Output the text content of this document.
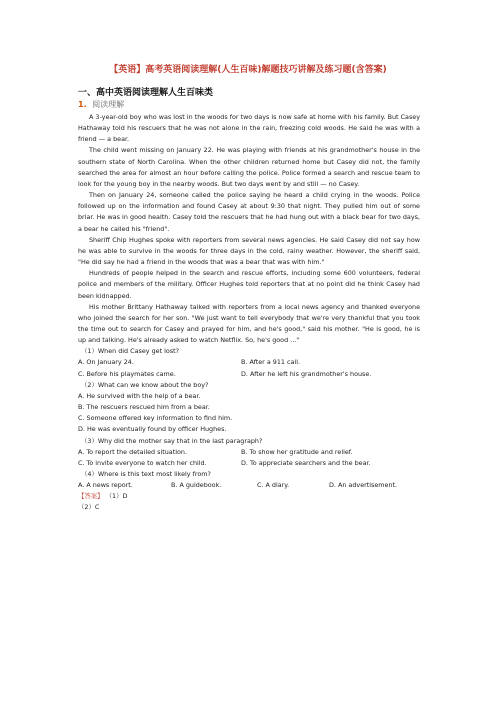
【英语】高考英语阅读理解(人生百味)解题技巧讲解及练习题(含答案)
一、高中英语阅读理解人生百味类
1. 阅读理解

A 3-year-old boy who was lost in the woods for two days is now safe at home with his family. But Casey Hathaway told his rescuers that he was not alone in the rain, freezing cold woods. He said he was with a friend — a bear.

The child went missing on January 22. He was playing with friends at his grandmother's house in the southern state of North Carolina. When the other children returned home but Casey did not, the family searched the area for almost an hour before calling the police. Police formed a search and rescue team to look for the young boy in the nearby woods. But two days went by and still — no Casey.

Then on January 24, someone called the police saying he heard a child crying in the woods. Police followed up on the information and found Casey at about 9:30 that night. They pulled him out of some briar. He was in good health. Casey told the rescuers that he had hung out with a black bear for two days, a bear he called his "friend".

Sheriff Chip Hughes spoke with reporters from several news agencies. He said Casey did not say how he was able to survive in the woods for three days in the cold, rainy weather. However, the sheriff said, "He did say he had a friend in the woods that was a bear that was with him."

Hundreds of people helped in the search and rescue efforts, including some 600 volunteers, federal police and members of the military. Officer Hughes told reporters that at no point did he think Casey had been kidnapped.

His mother Brittany Hathaway talked with reporters from a local news agency and thanked everyone who joined the search for her son. "We just want to tell everybody that we're very thankful that you took the time out to search for Casey and prayed for him, and he's good," said his mother. "He is good, he is up and talking. He's already asked to watch Netflix. So, he's good ..."

（1）When did Casey get lost?

A. On January 24.	B. After a 911 call.
C. Before his playmates came.	D. After he left his grandmother's house.

（2）What can we know about the boy?

A. He survived with the help of a bear.

B. The rescuers rescued him from a bear.

C. Someone offered key information to find him.

D. He was eventually found by officer Hughes.

（3）Why did the mother say that in the last paragraph?

A. To report the detailed situation.	B. To show her gratitude and relief.
C. To invite everyone to watch her child.	D. To appreciate searchers and the bear.

（4）Where is this text most likely from?

A. A news report.	B. A guidebook.	C. A diary.	D. An advertisement.

【答案】 （1）D

（2）C
